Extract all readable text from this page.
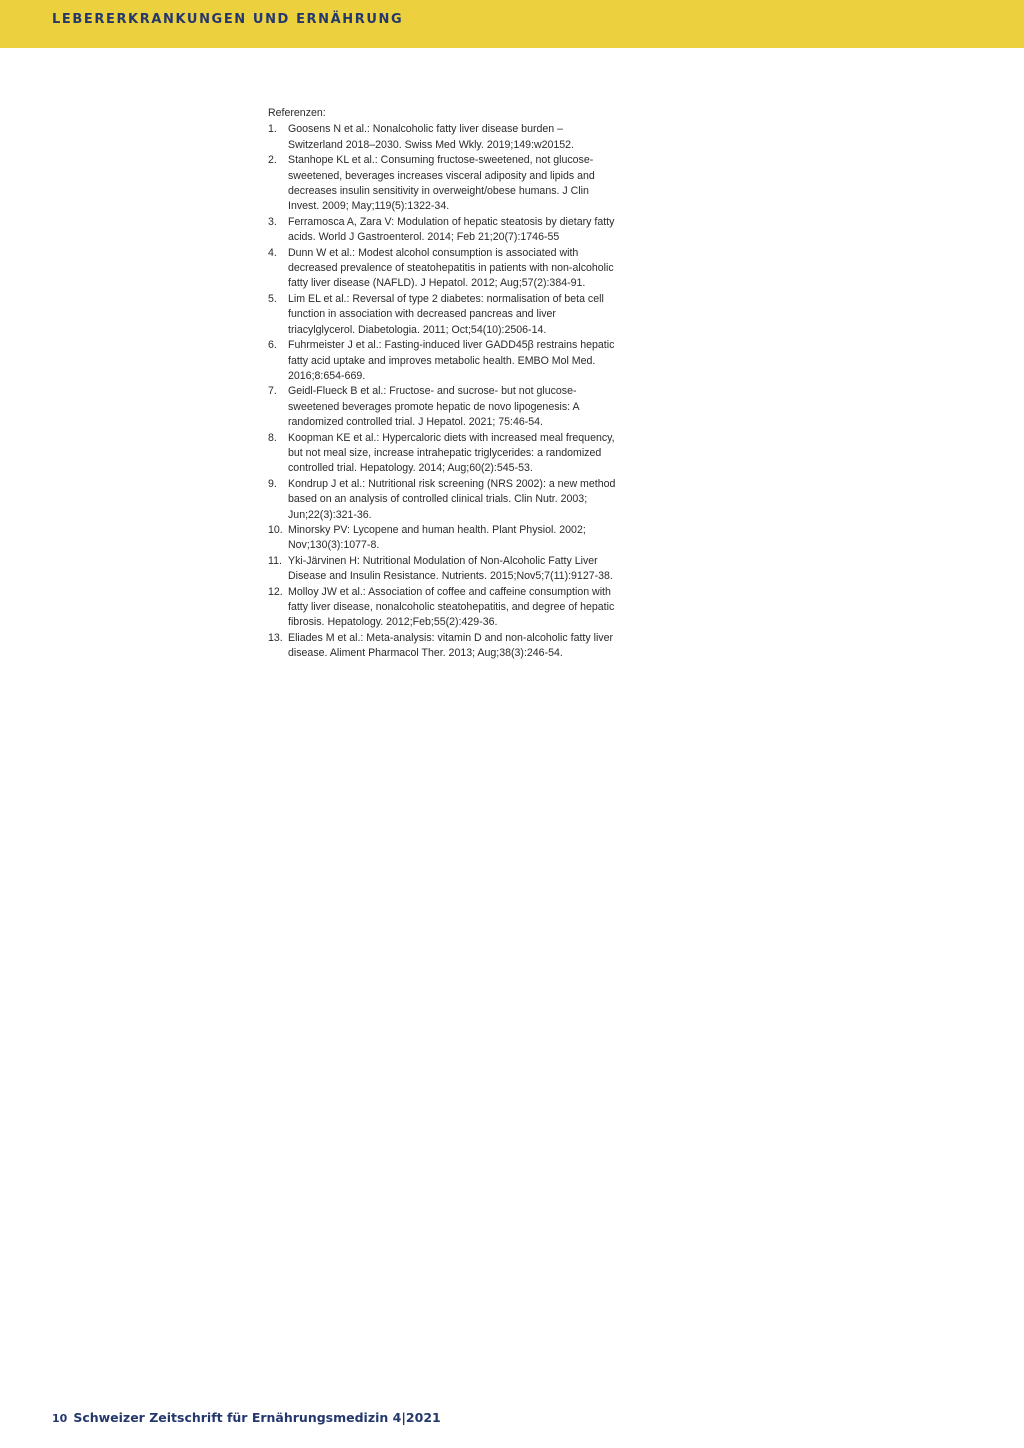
LEBERERKRANKUNGEN UND ERNÄHRUNG
Referenzen:
1. Goosens N et al.: Nonalcoholic fatty liver disease burden – Switzerland 2018–2030. Swiss Med Wkly. 2019;149:w20152.
2. Stanhope KL et al.: Consuming fructose-sweetened, not glucose-sweetened, beverages increases visceral adiposity and lipids and decreases insulin sensitivity in overweight/obese humans. J Clin Invest. 2009; May;119(5):1322-34.
3. Ferramosca A, Zara V: Modulation of hepatic steatosis by dietary fatty acids. World J Gastroenterol. 2014; Feb 21;20(7):1746-55
4. Dunn W et al.: Modest alcohol consumption is associated with decreased prevalence of steatohepatitis in patients with non-alcoholic fatty liver disease (NAFLD). J Hepatol. 2012; Aug;57(2):384-91.
5. Lim EL et al.: Reversal of type 2 diabetes: normalisation of beta cell function in association with decreased pancreas and liver triacylglycerol. Diabetologia. 2011; Oct;54(10):2506-14.
6. Fuhrmeister J et al.: Fasting-induced liver GADD45β restrains hepatic fatty acid uptake and improves metabolic health. EMBO Mol Med. 2016;8:654-669.
7. Geidl-Flueck B et al.: Fructose- and sucrose- but not glucose-sweetened beverages promote hepatic de novo lipogenesis: A randomized controlled trial. J Hepatol. 2021; 75:46-54.
8. Koopman KE et al.: Hypercaloric diets with increased meal frequency, but not meal size, increase intrahepatic triglycerides: a randomized controlled trial. Hepatology. 2014; Aug;60(2):545-53.
9. Kondrup J et al.: Nutritional risk screening (NRS 2002): a new method based on an analysis of controlled clinical trials. Clin Nutr. 2003; Jun;22(3):321-36.
10. Minorsky PV: Lycopene and human health. Plant Physiol. 2002; Nov;130(3):1077-8.
11. Yki-Järvinen H: Nutritional Modulation of Non-Alcoholic Fatty Liver Disease and Insulin Resistance. Nutrients. 2015;Nov5;7(11):9127-38.
12. Molloy JW et al.: Association of coffee and caffeine consumption with fatty liver disease, nonalcoholic steatohepatitis, and degree of hepatic fibrosis. Hepatology. 2012;Feb;55(2):429-36.
13. Eliades M et al.: Meta-analysis: vitamin D and non-alcoholic fatty liver disease. Aliment Pharmacol Ther. 2013; Aug;38(3):246-54.
10 Schweizer Zeitschrift für Ernährungsmedizin 4|2021
